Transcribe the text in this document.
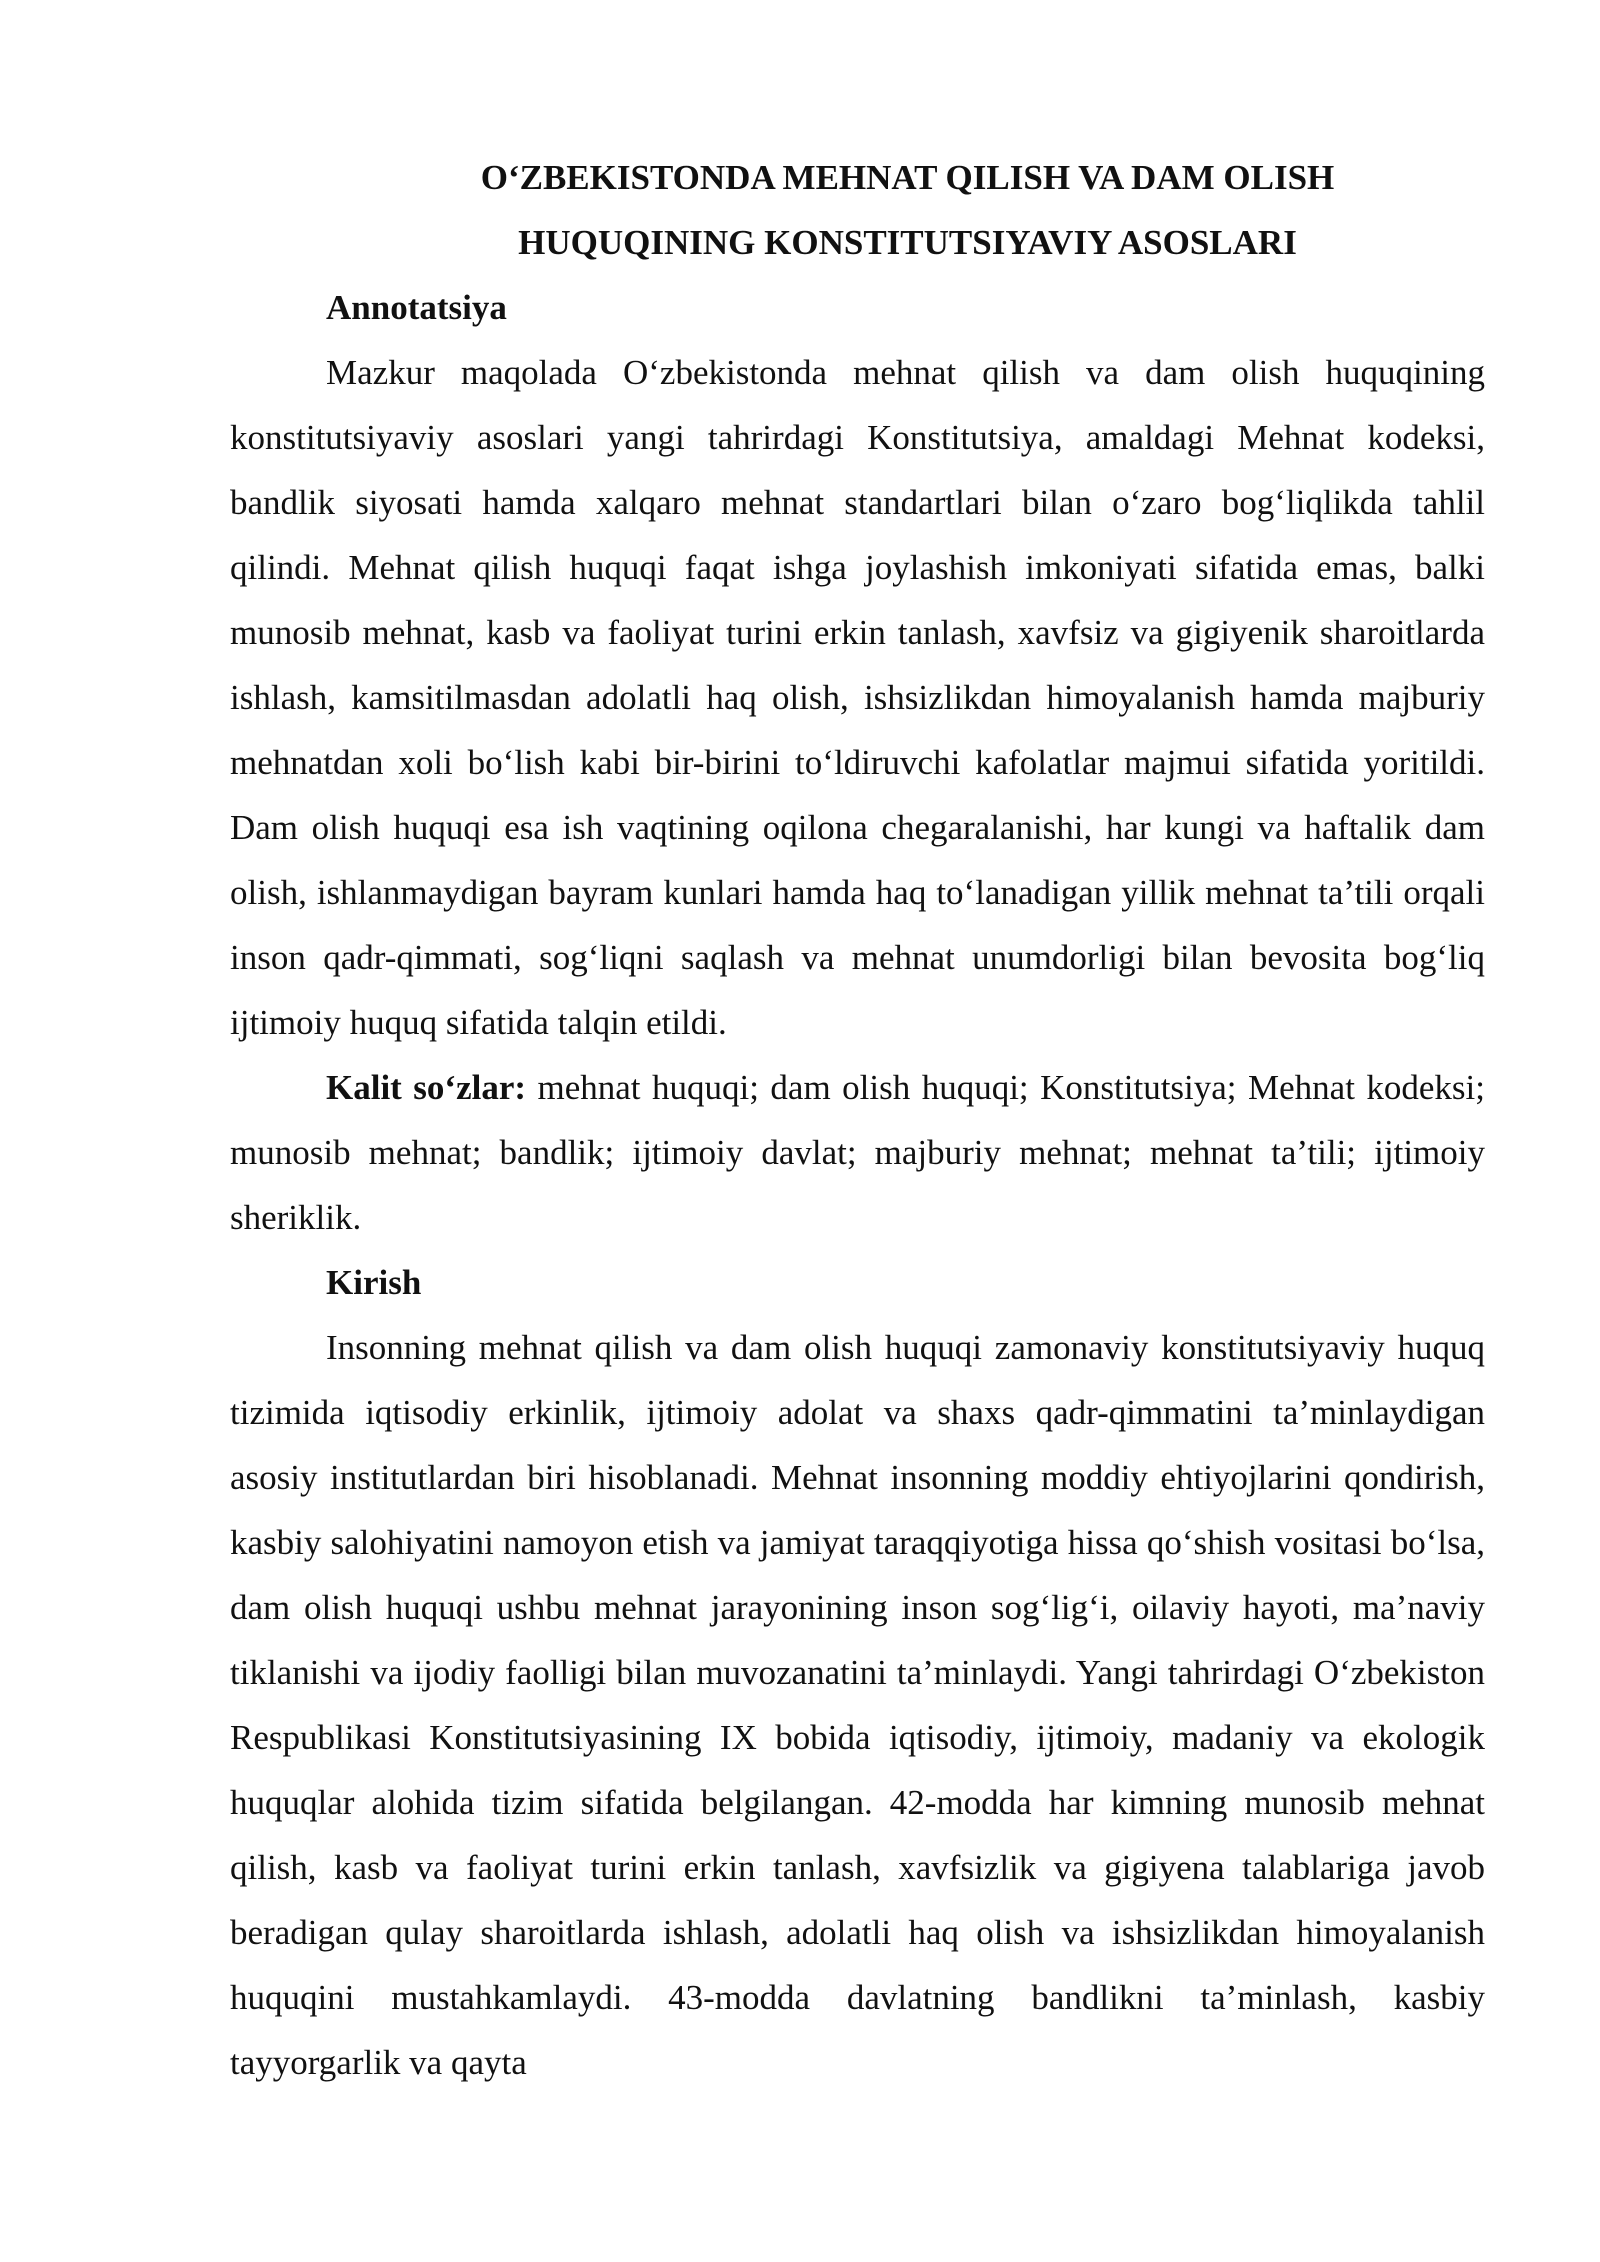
O‘ZBEKISTONDA MEHNAT QILISH VA DAM OLISH
HUQUQINING KONSTITUTSIYAVIY ASOSLARI
Annotatsiya

Mazkur maqolada O‘zbekistonda mehnat qilish va dam olish huquqining konstitutsiyaviy asoslari yangi tahrirdagi Konstitutsiya, amaldagi Mehnat kodeksi, bandlik siyosati hamda xalqaro mehnat standartlari bilan o‘zaro bog‘liqlikda tahlil qilindi. Mehnat qilish huquqi faqat ishga joylashish imkoniyati sifatida emas, balki munosib mehnat, kasb va faoliyat turini erkin tanlash, xavfsiz va gigiyenik sharoitlarda ishlash, kamsitilmasdan adolatli haq olish, ishsizlikdan himoyalanish hamda majburiy mehnatdan xoli bo‘lish kabi bir-birini to‘ldiruvchi kafolatlar majmui sifatida yoritildi. Dam olish huquqi esa ish vaqtining oqilona chegaralanishi, har kungi va haftalik dam olish, ishlanmaydigan bayram kunlari hamda haq to‘lanadigan yillik mehnat ta’tili orqali inson qadr-qimmati, sog‘liqni saqlash va mehnat unumdorligi bilan bevosita bog‘liq ijtimoiy huquq sifatida talqin etildi.

Kalit so‘zlar: mehnat huquqi; dam olish huquqi; Konstitutsiya; Mehnat kodeksi; munosib mehnat; bandlik; ijtimoiy davlat; majburiy mehnat; mehnat ta’tili; ijtimoiy sheriklik.

Kirish

Insonning mehnat qilish va dam olish huquqi zamonaviy konstitutsiyaviy huquq tizimida iqtisodiy erkinlik, ijtimoiy adolat va shaxs qadr-qimmatini ta’minlaydigan asosiy institutlardan biri hisoblanadi. Mehnat insonning moddiy ehtiyojlarini qondirish, kasbiy salohiyatini namoyon etish va jamiyat taraqqiyotiga hissa qo‘shish vositasi bo‘lsa, dam olish huquqi ushbu mehnat jarayonining inson sog‘lig‘i, oilaviy hayoti, ma’naviy tiklanishi va ijodiy faolligi bilan muvozanatini ta’minlaydi. Yangi tahrirdagi O‘zbekiston Respublikasi Konstitutsiyasining IX bobida iqtisodiy, ijtimoiy, madaniy va ekologik huquqlar alohida tizim sifatida belgilangan. 42-modda har kimning munosib mehnat qilish, kasb va faoliyat turini erkin tanlash, xavfsizlik va gigiyena talablariga javob beradigan qulay sharoitlarda ishlash, adolatli haq olish va ishsizlikdan himoyalanish huquqini mustahkamlaydi. 43-modda davlatning bandlikni ta’minlash, kasbiy tayyorgarlik va qayta
